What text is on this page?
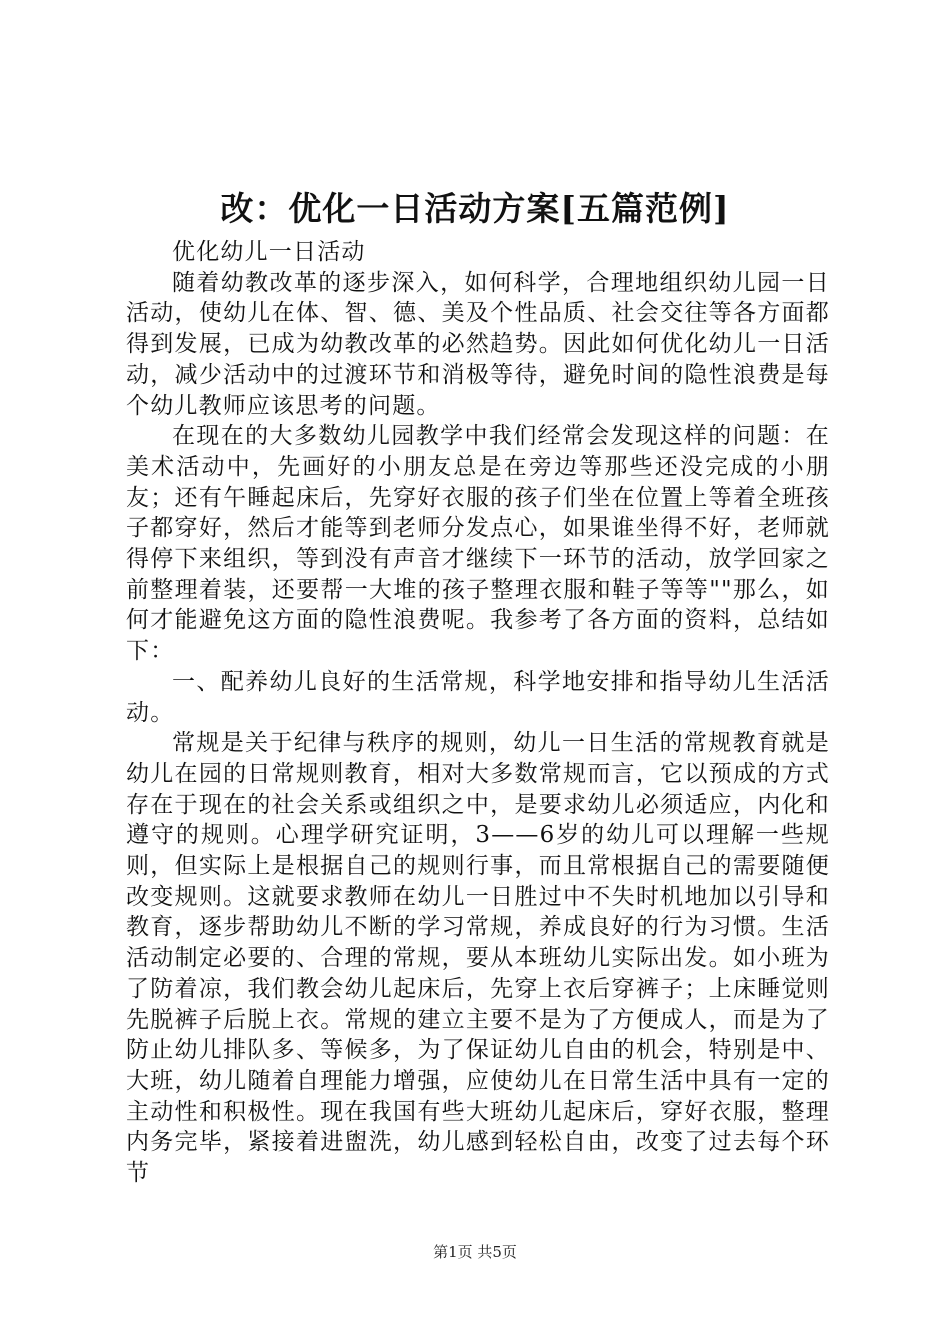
改：优化一日活动方案[五篇范例]

优化幼儿一日活动

随着幼教改革的逐步深入，如何科学，合理地组织幼儿园一日活动，使幼儿在体、智、德、美及个性品质、社会交往等各方面都得到发展，已成为幼教改革的必然趋势。因此如何优化幼儿一日活动，减少活动中的过渡环节和消极等待，避免时间的隐性浪费是每个幼儿教师应该思考的问题。

在现在的大多数幼儿园教学中我们经常会发现这样的问题：在美术活动中，先画好的小朋友总是在旁边等那些还没完成的小朋友；还有午睡起床后，先穿好衣服的孩子们坐在位置上等着全班孩子都穿好，然后才能等到老师分发点心，如果谁坐得不好，老师就得停下来组织，等到没有声音才继续下一环节的活动，放学回家之前整理着装，还要帮一大堆的孩子整理衣服和鞋子等等""那么，如何才能避免这方面的隐性浪费呢。我参考了各方面的资料，总结如下：

一、配养幼儿良好的生活常规，科学地安排和指导幼儿生活活动。

常规是关于纪律与秩序的规则，幼儿一日生活的常规教育就是幼儿在园的日常规则教育，相对大多数常规而言，它以预成的方式存在于现在的社会关系或组织之中，是要求幼儿必须适应，内化和遵守的规则。心理学研究证明，3——6岁的幼儿可以理解一些规则，但实际上是根据自己的规则行事，而且常根据自己的需要随便改变规则。这就要求教师在幼儿一日胜过中不失时机地加以引导和教育，逐步帮助幼儿不断的学习常规，养成良好的行为习惯。生活活动制定必要的、合理的常规，要从本班幼儿实际出发。如小班为了防着凉，我们教会幼儿起床后，先穿上衣后穿裤子；上床睡觉则先脱裤子后脱上衣。常规的建立主要不是为了方便成人，而是为了防止幼儿排队多、等候多，为了保证幼儿自由的机会，特别是中、大班，幼儿随着自理能力增强，应使幼儿在日常生活中具有一定的主动性和积极性。现在我国有些大班幼儿起床后，穿好衣服，整理内务完毕，紧接着进盥洗，幼儿感到轻松自由，改变了过去每个环节

第1页 共5页
